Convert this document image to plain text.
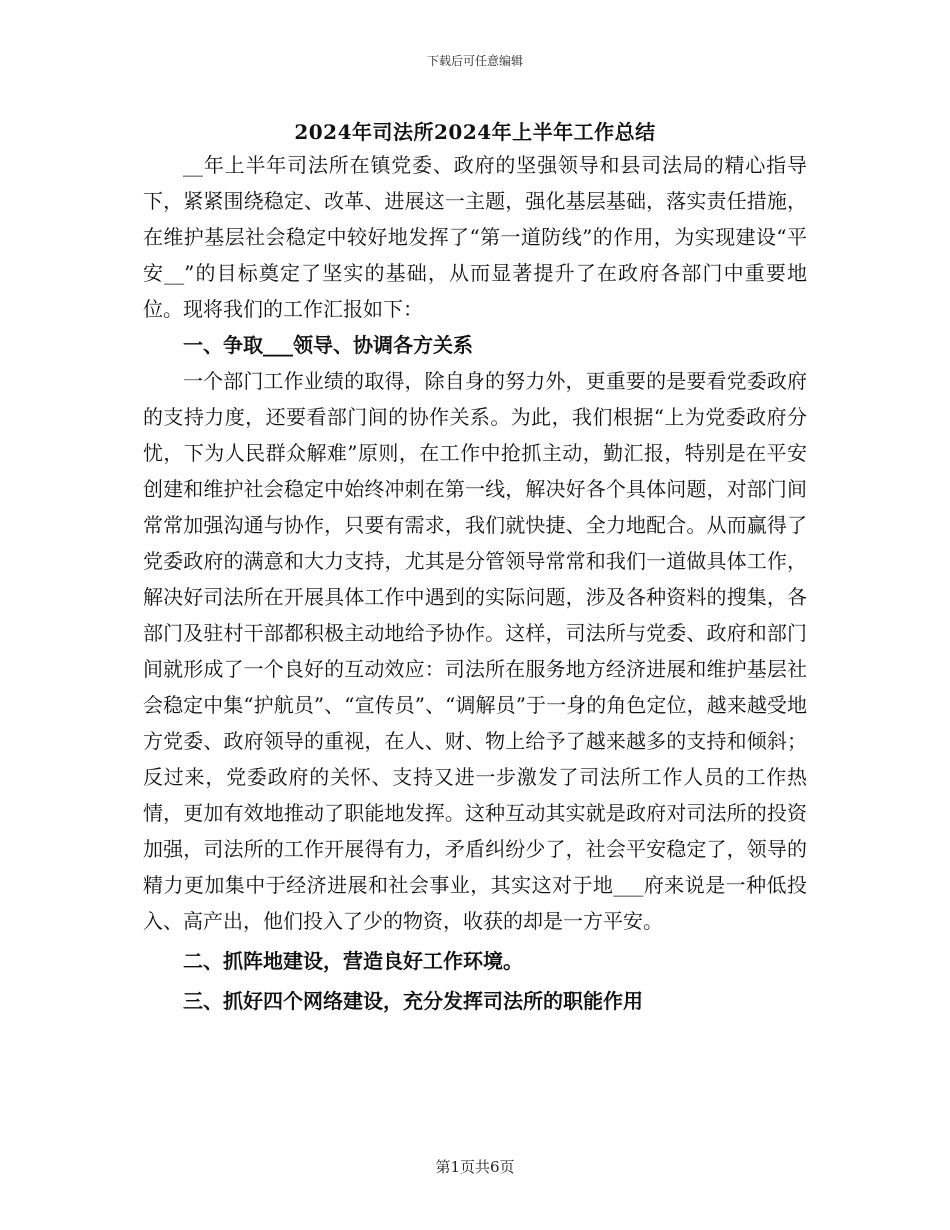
下载后可任意编辑
2024年司法所2024年上半年工作总结

__年上半年司法所在镇党委、政府的坚强领导和县司法局的精心指导下，紧紧围绕稳定、改革、进展这一主题，强化基层基础，落实责任措施，在维护基层社会稳定中较好地发挥了“第一道防线”的作用，为实现建设“平安__”的目标奠定了坚实的基础，从而显著提升了在政府各部门中重要地位。现将我们的工作汇报如下：

一、争取___领导、协调各方关系

一个部门工作业绩的取得，除自身的努力外，更重要的是要看党委政府的支持力度，还要看部门间的协作关系。为此，我们根据“上为党委政府分忧，下为人民群众解难”原则，在工作中抢抓主动，勤汇报，特别是在平安创建和维护社会稳定中始终冲刺在第一线，解决好各个具体问题，对部门间常常加强沟通与协作，只要有需求，我们就快捷、全力地配合。从而赢得了党委政府的满意和大力支持，尤其是分管领导常常和我们一道做具体工作，解决好司法所在开展具体工作中遇到的实际问题，涉及各种资料的搜集，各部门及驻村干部都积极主动地给予协作。这样，司法所与党委、政府和部门间就形成了一个良好的互动效应：司法所在服务地方经济进展和维护基层社会稳定中集“护航员”、“宣传员”、“调解员”于一身的角色定位，越来越受地方党委、政府领导的重视，在人、财、物上给予了越来越多的支持和倾斜；反过来，党委政府的关怀、支持又进一步激发了司法所工作人员的工作热情，更加有效地推动了职能地发挥。这种互动其实就是政府对司法所的投资加强，司法所的工作开展得有力，矛盾纠纷少了，社会平安稳定了，领导的精力更加集中于经济进展和社会事业，其实这对于地___府来说是一种低投入、高产出，他们投入了少的物资，收获的却是一方平安。

二、抓阵地建设，营造良好工作环境。
三、抓好四个网络建设，充分发挥司法所的职能作用
第1页共6页
